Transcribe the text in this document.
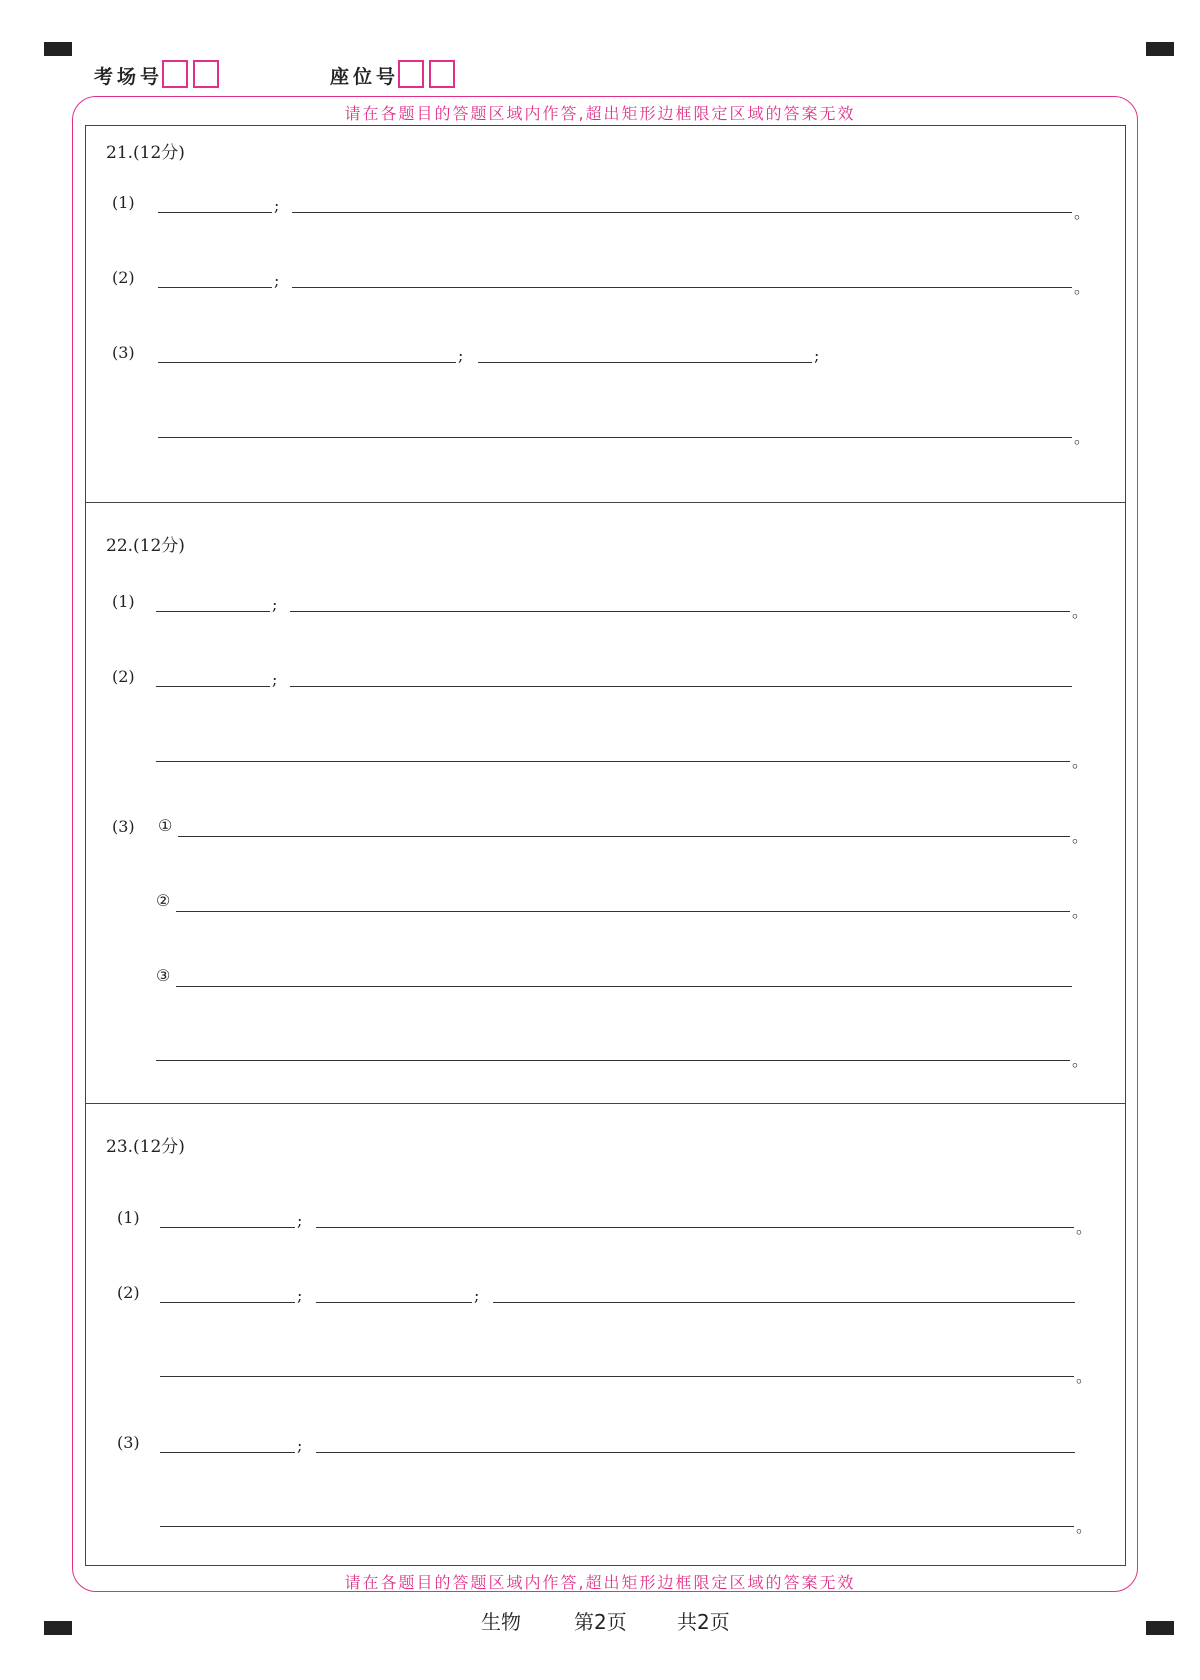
考场号	座位号
请在各题目的答题区域内作答,超出矩形边框限定区域的答案无效
请在各题目的答题区域内作答,超出矩形边框限定区域的答案无效
21.(12分)
(1)	;	。
(2)	;	。
(3)	;	;
。
22.(12分)
(1)	;	。
(2)	;
。
(3) ①
。
②
。
③
。
23.(12分)
(1)	;	。
(2)	;	;
。
(3)	;
。
生物	第2页	共2页
